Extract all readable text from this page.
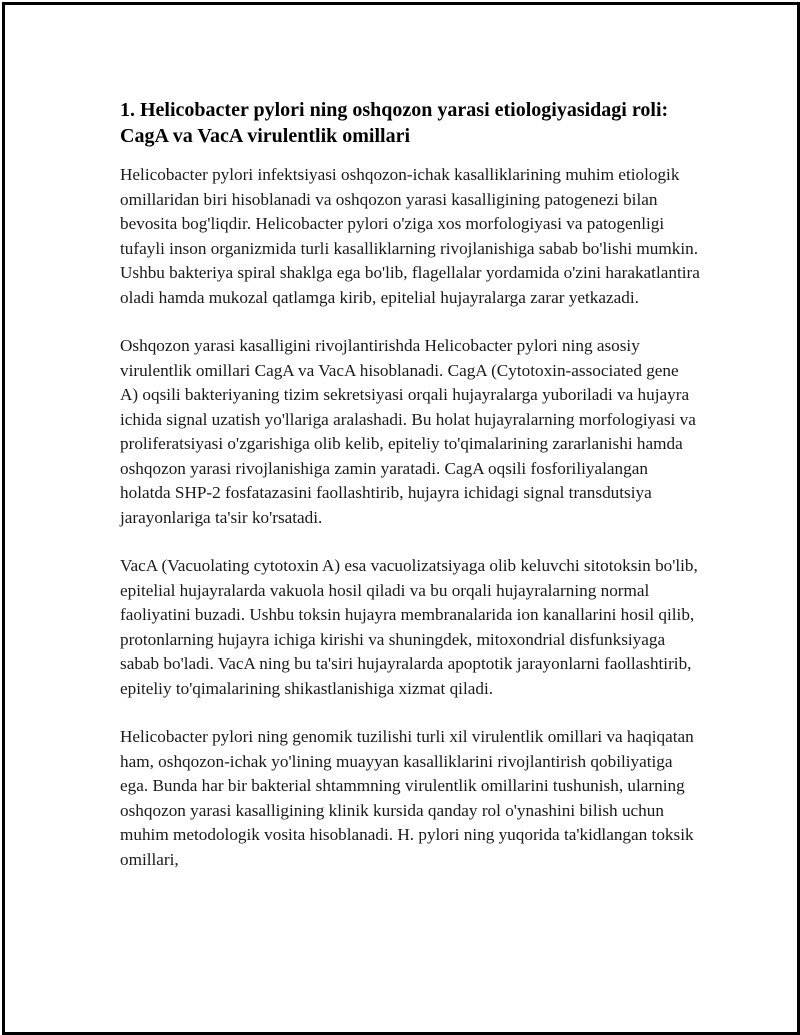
1. Helicobacter pylori ning oshqozon yarasi etiologiyasidagi roli: CagA va VacA virulentlik omillari

Helicobacter pylori infektsiyasi oshqozon-ichak kasalliklarining muhim etiologik omillaridan biri hisoblanadi va oshqozon yarasi kasalligining patogenezi bilan bevosita bog'liqdir. Helicobacter pylori o'ziga xos morfologiyasi va patogenligi tufayli inson organizmida turli kasalliklarning rivojlanishiga sabab bo'lishi mumkin. Ushbu bakteriya spiral shaklga ega bo'lib, flagellalar yordamida o'zini harakatlantira oladi hamda mukozal qatlamga kirib, epitelial hujayralarga zarar yetkazadi.

Oshqozon yarasi kasalligini rivojlantirishda Helicobacter pylori ning asosiy virulentlik omillari CagA va VacA hisoblanadi. CagA (Cytotoxin-associated gene A) oqsili bakteriyaning tizim sekretsiyasi orqali hujayralarga yuboriladi va hujayra ichida signal uzatish yo'llariga aralashadi. Bu holat hujayralarning morfologiyasi va proliferatsiyasi o'zgarishiga olib kelib, epiteliy to'qimalarining zararlanishi hamda oshqozon yarasi rivojlanishiga zamin yaratadi. CagA oqsili fosforiliyalangan holatda SHP-2 fosfatazasini faollashtirib, hujayra ichidagi signal transdutsiya jarayonlariga ta'sir ko'rsatadi.

VacA (Vacuolating cytotoxin A) esa vacuolizatsiyaga olib keluvchi sitotoksin bo'lib, epitelial hujayralarda vakuola hosil qiladi va bu orqali hujayralarning normal faoliyatini buzadi. Ushbu toksin hujayra membranalarida ion kanallarini hosil qilib, protonlarning hujayra ichiga kirishi va shuningdek, mitoxondrial disfunksiyaga sabab bo'ladi. VacA ning bu ta'siri hujayralarda apoptotik jarayonlarni faollashtirib, epiteliy to'qimalarining shikastlanishiga xizmat qiladi.

Helicobacter pylori ning genomik tuzilishi turli xil virulentlik omillari va haqiqatan ham, oshqozon-ichak yo'lining muayyan kasalliklarini rivojlantirish qobiliyatiga ega. Bunda har bir bakterial shtammning virulentlik omillarini tushunish, ularning oshqozon yarasi kasalligining klinik kursida qanday rol o'ynashini bilish uchun muhim metodologik vosita hisoblanadi. H. pylori ning yuqorida ta'kidlangan toksik omillari,
